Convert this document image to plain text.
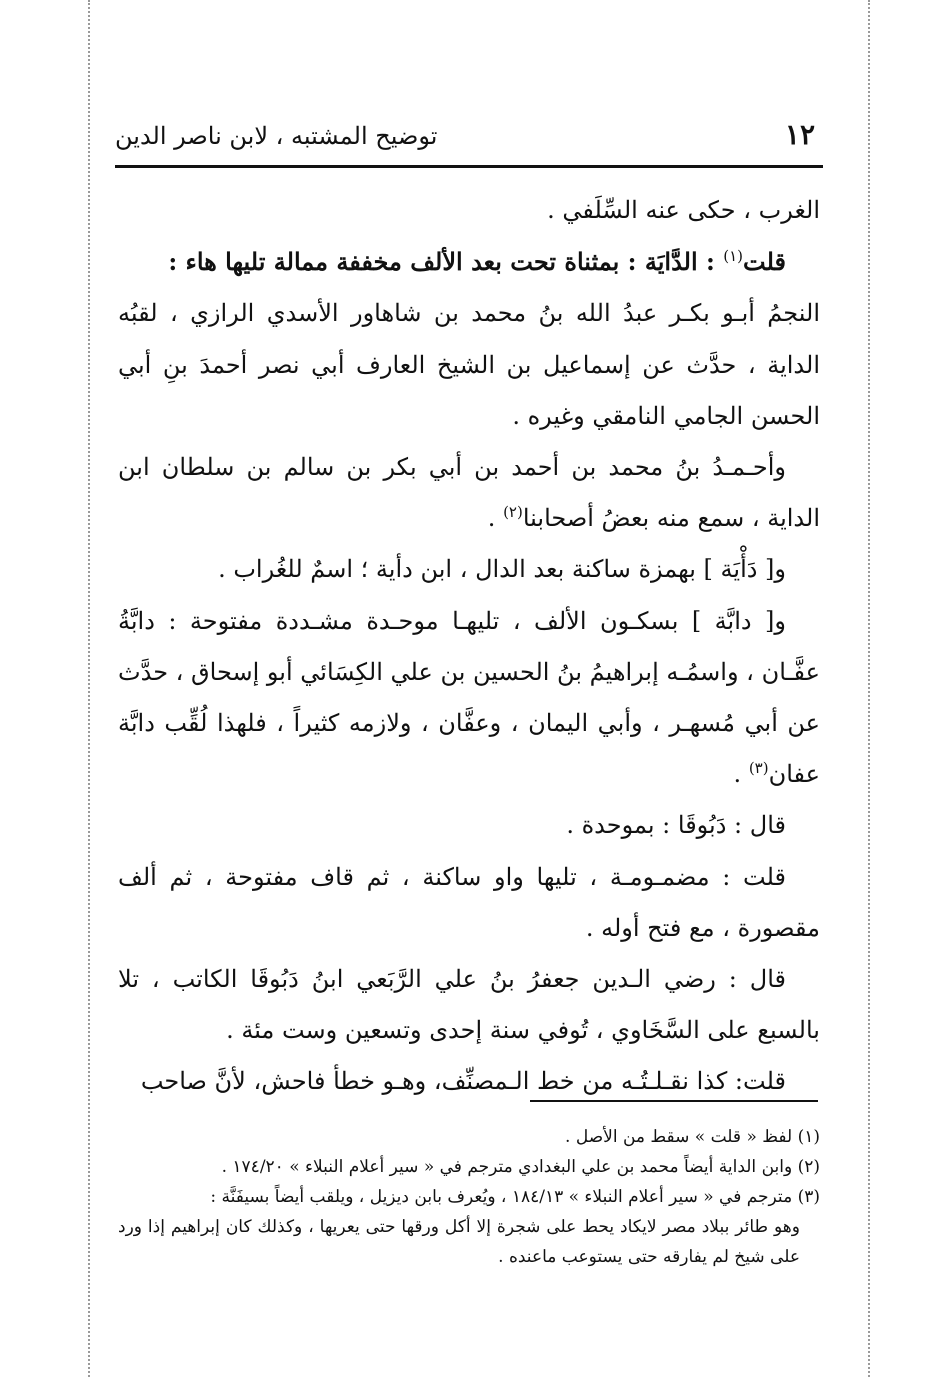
١٢
توضيح المشتبه ، لابن ناصر الدين

الغرب ، حكى عنه السِّلَفي .

قلت$^{(١)}$ : الدَّايَة : بمثناة تحت بعد الألف مخففة ممالة تليها هاء :

النجمُ أبـو بكـر عبدُ الله بنُ محمد بن شاهاور الأسدي الرازي ، لقبُه الداية ، حدَّث عن إسماعيل بن الشيخ العارف أبي نصر أحمدَ بنِ أبي الحسن الجامي النامقي وغيره .

وأحـمـدُ بنُ محمد بن أحمد بن أبي بكر بن سالم بن سلطان ابن الداية ، سمع منه بعضُ أصحابنا$^{(٢)}$ .

و[ دَأْيَة ] بهمزة ساكنة بعد الدال ، ابن دأية ؛ اسمٌ للغُراب .

و[ دابَّة ] بسكـون الألف ، تليهـا موحـدة مشـددة مفتوحة : دابَّةُ عفَّـان ، واسمُـه إبراهيمُ بنُ الحسين بن علي الكِسَائي أبو إسحاق ، حدَّث عن أبي مُسهـر ، وأبي اليمان ، وعفَّان ، ولازمه كثيراً ، فلهذا لُقِّب دابَّة عفان$^{(٣)}$ .

قال : دَبُوقَا : بموحدة .

قلت : مضمـومـة ، تليها واو ساكنة ، ثم قاف مفتوحة ، ثم ألف مقصورة ، مع فتح أوله .

قال : رضي الـدين جعفرُ بنُ علي الرَّبَعي ابنُ دَبُوقَا الكاتب ، تلا بالسبع على السَّخَاوي ، تُوفي سنة إحدى وتسعين وست مئة .

قلت: كذا نقـلـتُـه من خط الـمصنِّف، وهـو خطأ فاحش، لأنَّ صاحب

(١) لفظ « قلت » سقط من الأصل .

(٢) وابن الداية أيضاً محمد بن علي البغدادي مترجم في « سير أعلام النبلاء » ١٧٤/٢٠ .

(٣) مترجم في « سير أعلام النبلاء » ١٨٤/١٣ ، ويُعرف بابن ديزيل ، ويلقب أيضاً بسيفَنَّة :

وهو طائر ببلاد مصر لايكاد يحط على شجرة إلا أكل ورقها حتى يعريها ، وكذلك كان إبراهيم إذا ورد على شيخ لم يفارقه حتى يستوعب ماعنده .
